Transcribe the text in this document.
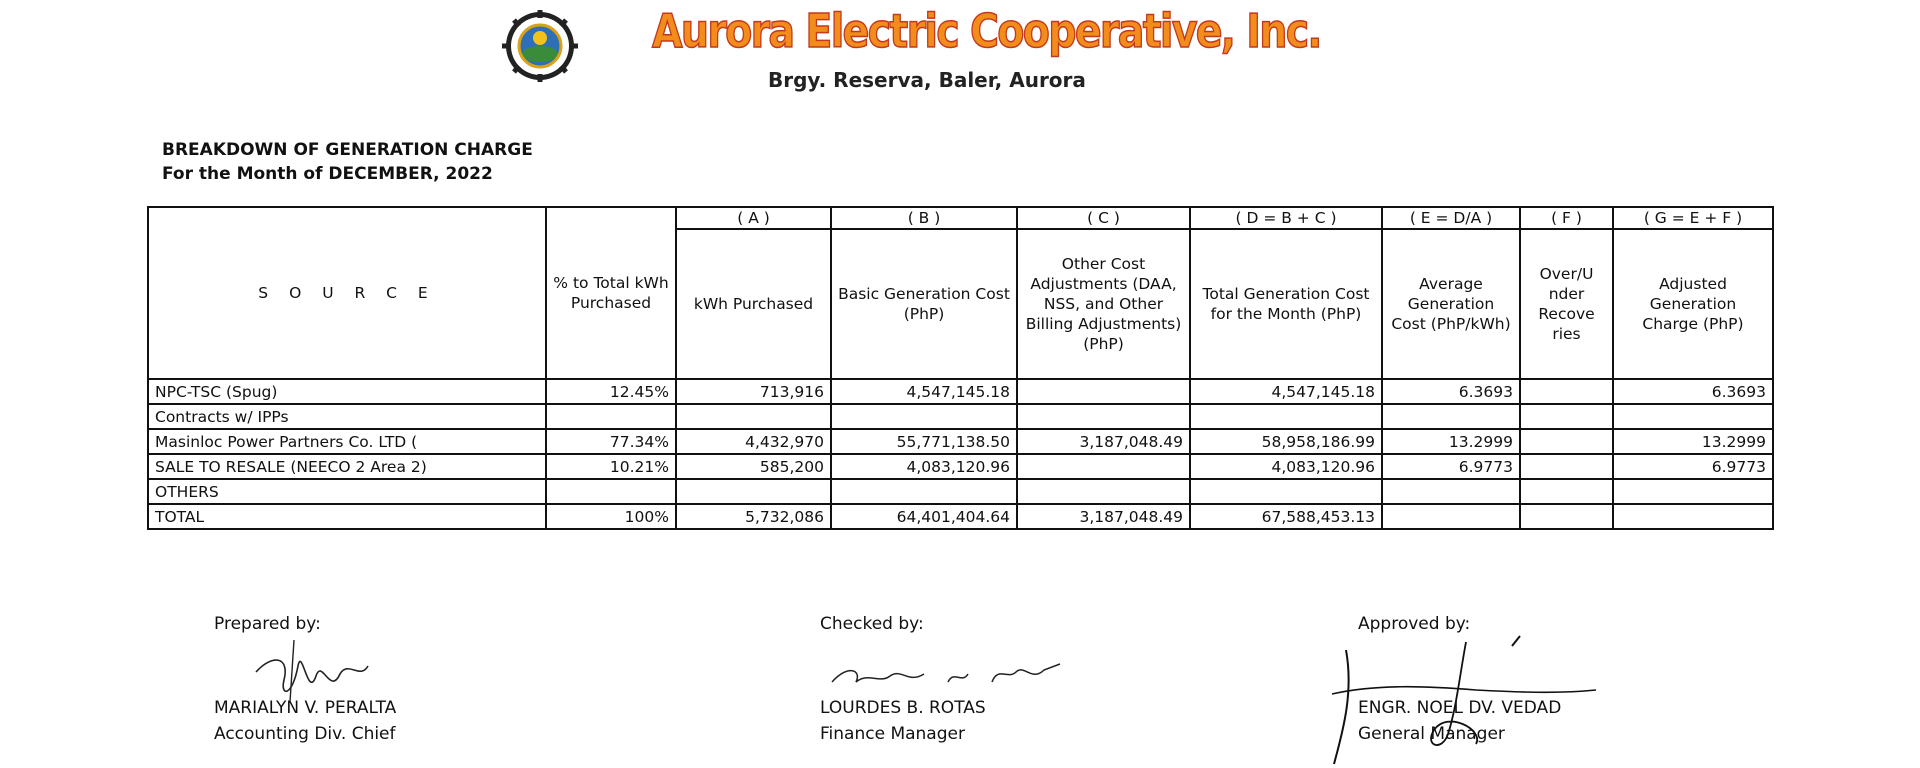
Aurora Electric Cooperative, Inc.
Brgy. Reserva, Baler, Aurora
BREAKDOWN OF GENERATION CHARGE
For the Month of DECEMBER, 2022
S O U R C E	% to Total kWh Purchased	( A )	( B )	( C )	( D = B + C )	( E = D/A )	( F )	( G = E + F )
		kWh Purchased	Basic Generation Cost (PhP)	Other Cost Adjustments (DAA, NSS, and Other Billing Adjustments) (PhP)	Total Generation Cost for the Month (PhP)	Average Generation Cost (PhP/kWh)	Over/U nder Recove ries	Adjusted Generation Charge (PhP)
NPC-TSC (Spug)	12.45%	713,916	4,547,145.18		4,547,145.18	6.3693		6.3693
Contracts w/ IPPs								
Masinloc Power Partners Co. LTD (	77.34%	4,432,970	55,771,138.50	3,187,048.49	58,958,186.99	13.2999		13.2999
SALE TO RESALE (NEECO 2 Area 2)	10.21%	585,200	4,083,120.96		4,083,120.96	6.9773		6.9773
OTHERS								
TOTAL	100%	5,732,086	64,401,404.64	3,187,048.49	67,588,453.13			
Prepared by:
MARIALYN V. PERALTA
Accounting Div. Chief
Checked by:
LOURDES B. ROTAS
Finance Manager
Approved by:
ENGR. NOEL DV. VEDAD
General Manager
